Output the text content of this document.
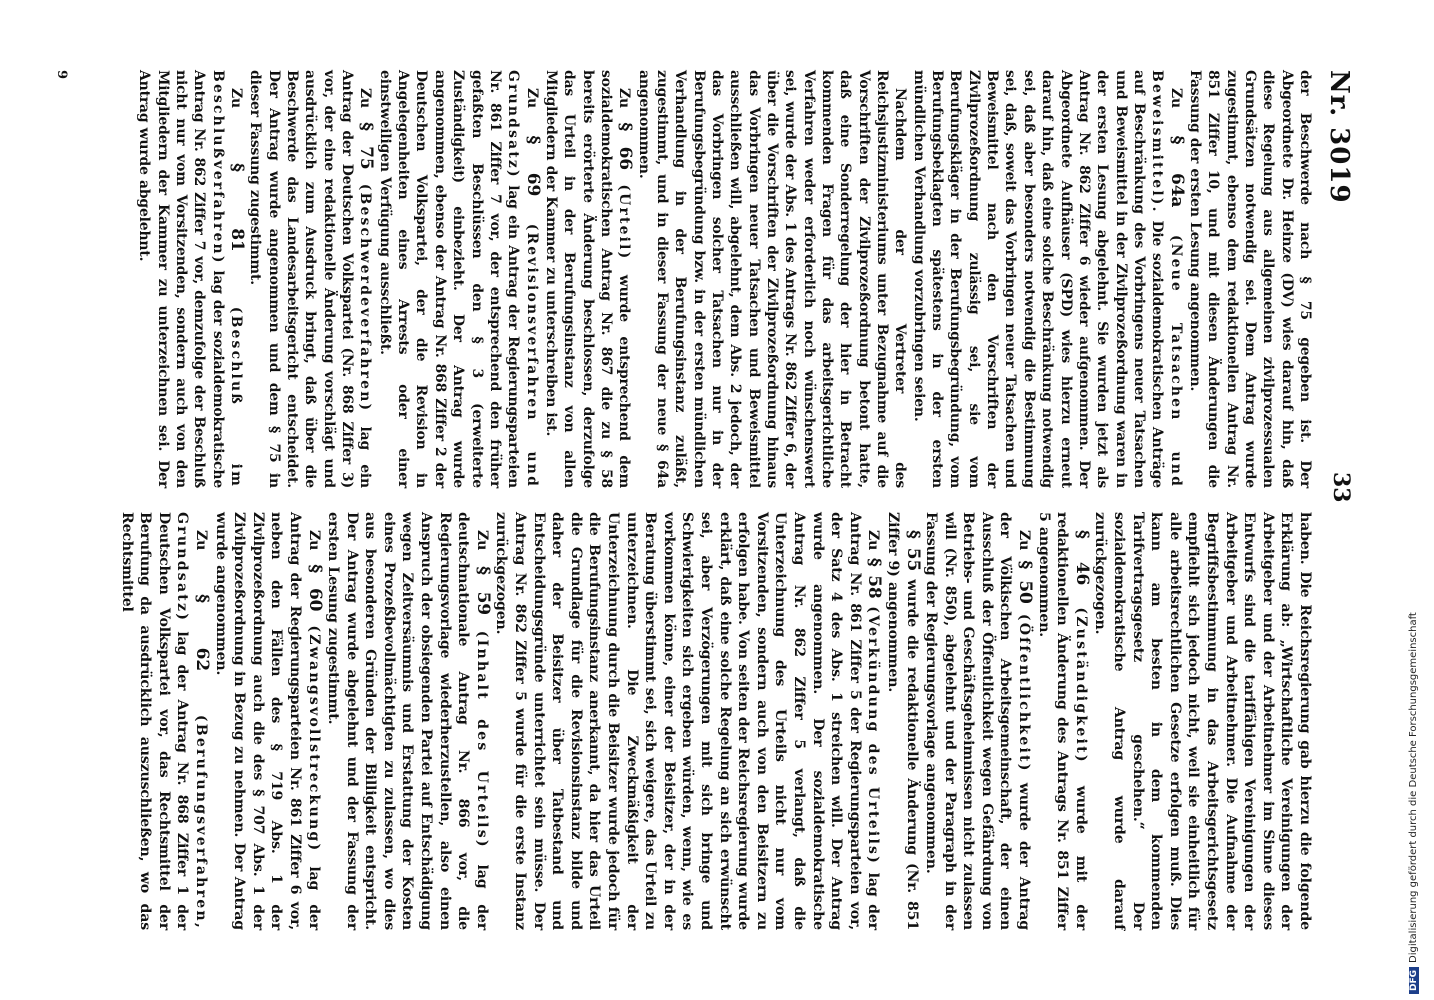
Nr. 3019
33

der Beschwerde nach § 75 gegeben ist. Der Abgeordnete Dr. Heinze (DV) wies darauf hin, daß diese Regelung aus allgemeinen zivilprozessualen Grundsätzen notwendig sei. Dem Antrag wurde zugestimmt, ebenso dem redaktionellen Antrag Nr. 851 Ziffer 10, und mit diesen Änderungen die Fassung der ersten Lesung angenommen.

Zu § 64a (Neue Tatsachen und Beweismittel). Die sozialdemokratischen Anträge auf Beschränkung des Vorbringens neuer Tatsachen und Beweismittel in der Zivilprozeßordnung waren in der ersten Lesung abgelehnt. Sie wurden jetzt als Antrag Nr. 862 Ziffer 6 wieder aufgenommen. Der Abgeordnete Aufhäuser (SPD) wies hierzu erneut darauf hin, daß eine solche Beschränkung notwendig sei, daß aber besonders notwendig die Bestimmung sei, daß, soweit das Vorbringen neuer Tatsachen und Beweismittel nach den Vorschriften der Zivilprozeßordnung zulässig sei, sie vom Berufungskläger in der Berufungsbegründung, vom Berufungsbeklagten spätestens in der ersten mündlichen Verhandlung vorzubringen seien.

Nachdem der Vertreter des Reichsjustizministeriums unter Bezugnahme auf die Vorschriften der Zivilprozeßordnung betont hatte, daß eine Sonderregelung der hier in Betracht kommenden Fragen für das arbeitsgerichtliche Verfahren weder erforderlich noch wünschenswert sei, wurde der Abs. 1 des Antrags Nr. 862 Ziffer 6, der über die Vorschriften der Zivilprozeßordnung hinaus das Vorbringen neuer Tatsachen und Beweismittel ausschließen will, abgelehnt, dem Abs. 2 jedoch, der das Vorbringen solcher Tatsachen nur in der Berufungsbegründung bzw. in der ersten mündlichen Verhandlung in der Berufungsinstanz zuläßt, zugestimmt, und in dieser Fassung der neue § 64a angenommen.

Zu § 66 (Urteil) wurde entsprechend dem sozialdemokratischen Antrag Nr. 867 die zu § 58 bereits erörterte Änderung beschlossen, derzufolge das Urteil in der Berufungsinstanz von allen Mitgliedern der Kammer zu unterschreiben ist.

Zu § 69 (Revisionsverfahren und Grundsatz) lag ein Antrag der Regierungsparteien Nr. 861 Ziffer 7 vor, der entsprechend den früher gefaßten Beschlüssen den § 3 (erweiterte Zuständigkeit) einbezieht. Der Antrag wurde angenommen, ebenso der Antrag Nr. 868 Ziffer 2 der Deutschen Volkspartei, der die Revision in Angelegenheiten eines Arrests oder einer einstweiligen Verfügung ausschließt.

Zu § 75 (Beschwerdeverfahren) lag ein Antrag der Deutschen Volkspartei (Nr. 868 Ziffer 3) vor, der eine redaktionelle Änderung vorschlägt und ausdrücklich zum Ausdruck bringt, daß über die Beschwerde das Landesarbeitsgericht entscheidet. Der Antrag wurde angenommen und dem § 75 in dieser Fassung zugestimmt.

Zu § 81 (Beschluß im Beschlußverfahren) lag der sozialdemokratische Antrag Nr. 862 Ziffer 7 vor, demzufolge der Beschluß nicht nur vom Vorsitzenden, sondern auch von den Mitgliedern der Kammer zu unterzeichnen sei. Der Antrag wurde abgelehnt.

haben. Die Reichsregierung gab hierzu die folgende Erklärung ab: „Wirtschaftliche Vereinigungen der Arbeitgeber und der Arbeitnehmer im Sinne dieses Entwurfs sind die tariffähigen Vereinigungen der Arbeitgeber und Arbeitnehmer. Die Aufnahme der Begriffsbestimmung in das Arbeitsgerichtsgesetz empfiehlt sich jedoch nicht, weil sie einheitlich für alle arbeitsrechtlichen Gesetze erfolgen muß. Dies kann am besten in dem kommenden Tarifvertragsgesetz geschehen.“ Der sozialdemokratische Antrag wurde darauf zurückgezogen.

§ 46 (Zuständigkeit) wurde mit der redaktionellen Änderung des Antrags Nr. 851 Ziffer 5 angenommen.

Zu § 50 (Öffentlichkeit) wurde der Antrag der Völkischen Arbeitsgemeinschaft, der einen Ausschluß der Öffentlichkeit wegen Gefährdung von Betriebs- und Geschäftsgeheimnissen nicht zulassen will (Nr. 850), abgelehnt und der Paragraph in der Fassung der Regierungsvorlage angenommen.

§ 55 wurde die redaktionelle Änderung (Nr. 851 Ziffer 9) angenommen.

Zu § 58 (Verkündung des Urteils) lag der Antrag Nr. 861 Ziffer 5 der Regierungsparteien vor, der Satz 4 des Abs. 1 streichen will. Der Antrag wurde angenommen. Der sozialdemokratische Antrag Nr. 862 Ziffer 5 verlangt, daß die Unterzeichnung des Urteils nicht nur vom Vorsitzenden, sondern auch von den Beisitzern zu erfolgen habe. Von seiten der Reichsregierung wurde erklärt, daß eine solche Regelung an sich erwünscht sei, aber Verzögerungen mit sich bringe und Schwierigkeiten sich ergeben würden, wenn, wie es vorkommen könne, einer der Beisitzer, der in der Beratung überstimmt sei, sich weigere, das Urteil zu unterzeichnen. Die Zweckmäßigkeit der Unterzeichnung durch die Beisitzer wurde jedoch für die Berufungsinstanz anerkannt, da hier das Urteil die Grundlage für die Revisionsinstanz bilde und daher der Beisitzer über Tatbestand und Entscheidungsgründe unterrichtet sein müsse. Der Antrag Nr. 862 Ziffer 5 wurde für die erste Instanz zurückgezogen.

Zu § 59 (Inhalt des Urteils) lag der deutschnationale Antrag Nr. 866 vor, die Regierungsvorlage wiederherzustellen, also einen Anspruch der obsiegenden Partei auf Entschädigung wegen Zeitversäumnis und Erstattung der Kosten eines Prozeßbevollmächtigten zu zulassen, wo dies aus besonderen Gründen der Billigkeit entspricht. Der Antrag wurde abgelehnt und der Fassung der ersten Lesung zugestimmt.

Zu § 60 (Zwangsvollstreckung) lag der Antrag der Regierungsparteien Nr. 861 Ziffer 6 vor, neben den Fällen des § 719 Abs. 1 der Zivilprozeßordnung auch die des § 707 Abs. 1 der Zivilprozeßordnung in Bezug zu nehmen. Der Antrag wurde angenommen.

Zu § 62 (Berufungsverfahren, Grundsatz) lag der Antrag Nr. 868 Ziffer 1 der Deutschen Volkspartei vor, das Rechtsmittel der Berufung da ausdrücklich auszuschließen, wo das Rechtsmittel

9
DFGDigitalisierung gefördert durch die Deutsche Forschungsgemeinschaft
